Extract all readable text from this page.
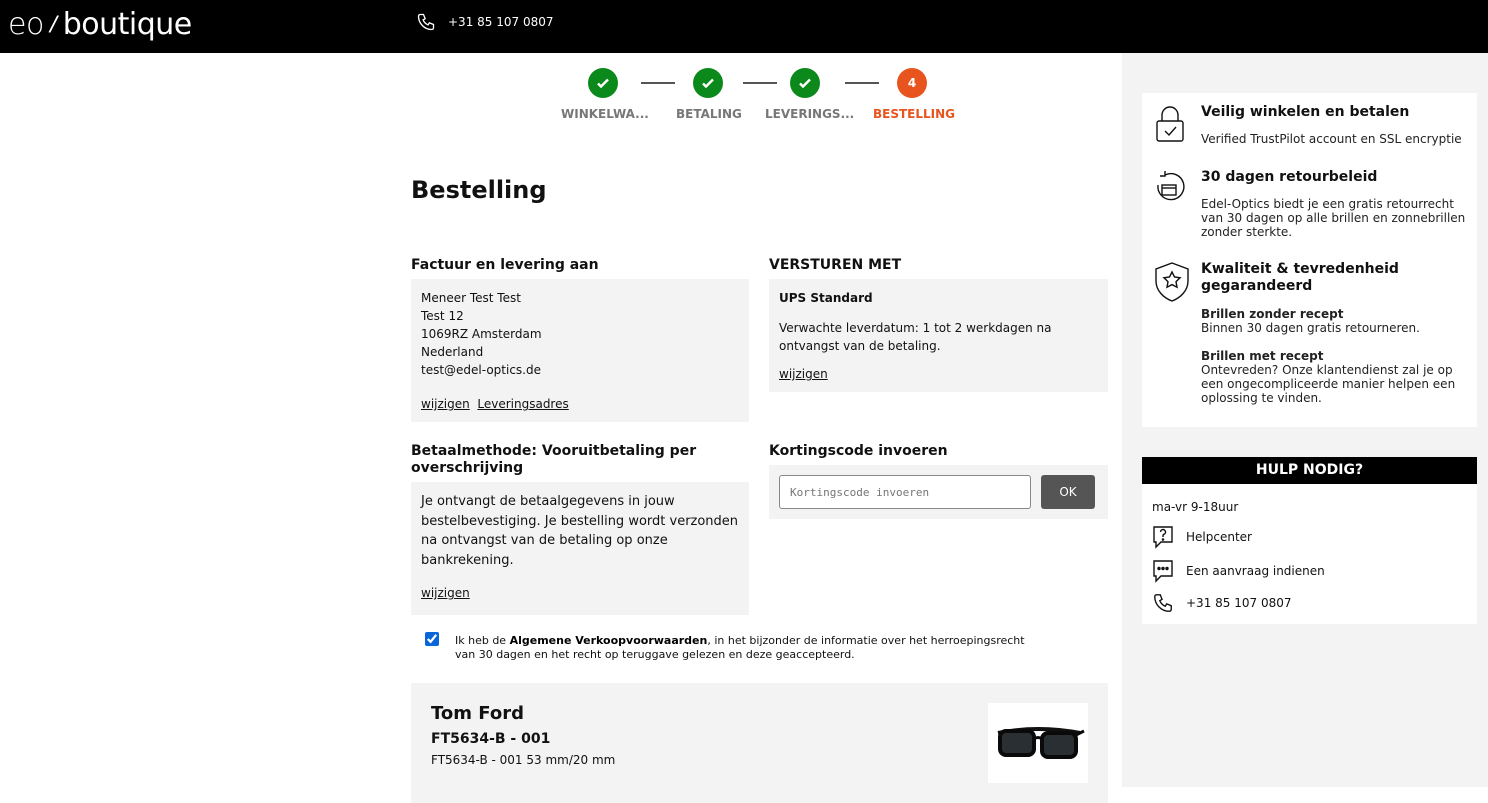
eo / boutique	+31 85 107 0807
WINKELWA... BETALING LEVERINGS...
4
BESTELLING
Bestelling
Factuur en levering aan
Meneer Test Test
Test 12
1069RZ Amsterdam
Nederland
test@edel-optics.de
wijzigen Leveringsadres
VERSTUREN MET
UPS Standard
Verwachte leverdatum: 1 tot 2 werkdagen na ontvangst van de betaling.
wijzigen
Betaalmethode: Vooruitbetaling per overschrijving
Je ontvangt de betaalgegevens in jouw bestelbevestiging. Je bestelling wordt verzonden na ontvangst van de betaling op onze bankrekening.
wijzigen
Kortingscode invoeren
Kortingscode invoeren
OK
Ik heb de Algemene Verkoopvoorwaarden, in het bijzonder de informatie over het herroepingsrecht van 30 dagen en het recht op teruggave gelezen en deze geaccepteerd.
Tom Ford
FT5634-B - 001
FT5634-B - 001 53 mm/20 mm
Veilig winkelen en betalen
Verified TrustPilot account en SSL encryptie
30 dagen retourbeleid
Edel-Optics biedt je een gratis retourrecht van 30 dagen op alle brillen en zonnebrillen zonder sterkte.
Kwaliteit & tevredenheid gegarandeerd
Brillen zonder recept
Binnen 30 dagen gratis retourneren.
Brillen met recept
Ontevreden? Onze klantendienst zal je op een ongecompliceerde manier helpen een oplossing te vinden.
HULP NODIG?
ma-vr 9-18uur
Helpcenter
Een aanvraag indienen
+31 85 107 0807
